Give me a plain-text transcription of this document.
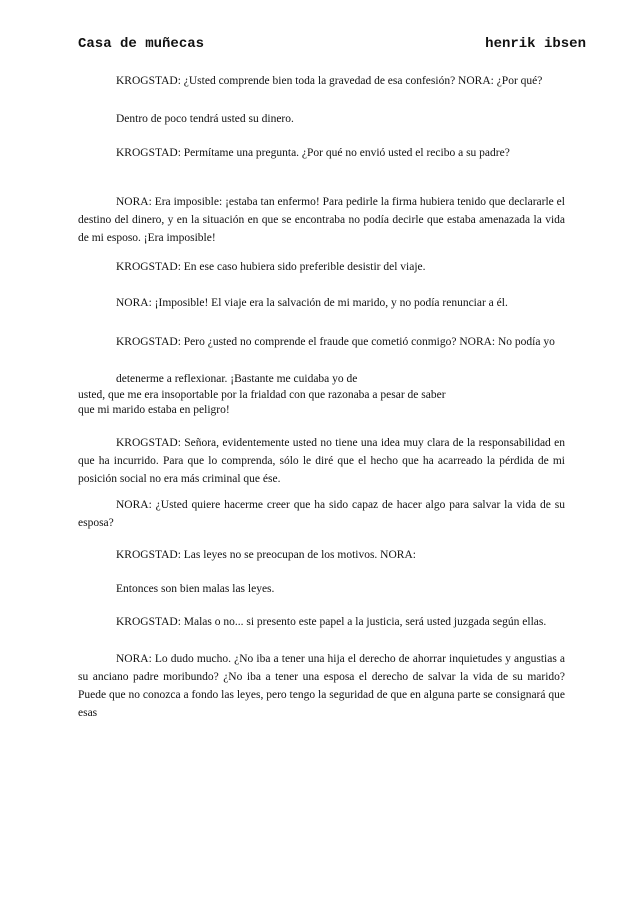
Casa de muñecas	henrik ibsen
KROGSTAD: ¿Usted comprende bien toda la gravedad de esa confesión? NORA: ¿Por qué?
Dentro de poco tendrá usted su dinero.
KROGSTAD: Permítame una pregunta. ¿Por qué no envió usted el recibo a su padre?
NORA: Era imposible: ¡estaba tan enfermo! Para pedirle la firma hubiera tenido que declararle el destino del dinero, y en la situación en que se encontraba no podía decirle que estaba amenazada la vida de mi esposo. ¡Era imposible!
KROGSTAD: En ese caso hubiera sido preferible desistir del viaje.
NORA: ¡Imposible! El viaje era la salvación de mi marido, y no podía renunciar a él.
KROGSTAD: Pero ¿usted no comprende el fraude que cometió conmigo? NORA: No podía yo
detenerme a reflexionar. ¡Bastante me cuidaba yo de
usted, que me era insoportable por la frialdad con que razonaba a pesar de saber
que mi marido estaba en peligro!
KROGSTAD: Señora, evidentemente usted no tiene una idea muy clara de la responsabilidad en que ha incurrido. Para que lo comprenda, sólo le diré que el hecho que ha acarreado la pérdida de mi posición social no era más criminal que ése.
NORA: ¿Usted quiere hacerme creer que ha sido capaz de hacer algo para salvar la vida de su esposa?
KROGSTAD: Las leyes no se preocupan de los motivos. NORA:
Entonces son bien malas las leyes.
KROGSTAD: Malas o no... si presento este papel a la justicia, será usted juzgada según ellas.
NORA: Lo dudo mucho. ¿No iba a tener una hija el derecho de ahorrar inquietudes y angustias a su anciano padre moribundo? ¿No iba a tener una esposa el derecho de salvar la vida de su marido? Puede que no conozca a fondo las leyes, pero tengo la seguridad de que en alguna parte se consignará que esas
